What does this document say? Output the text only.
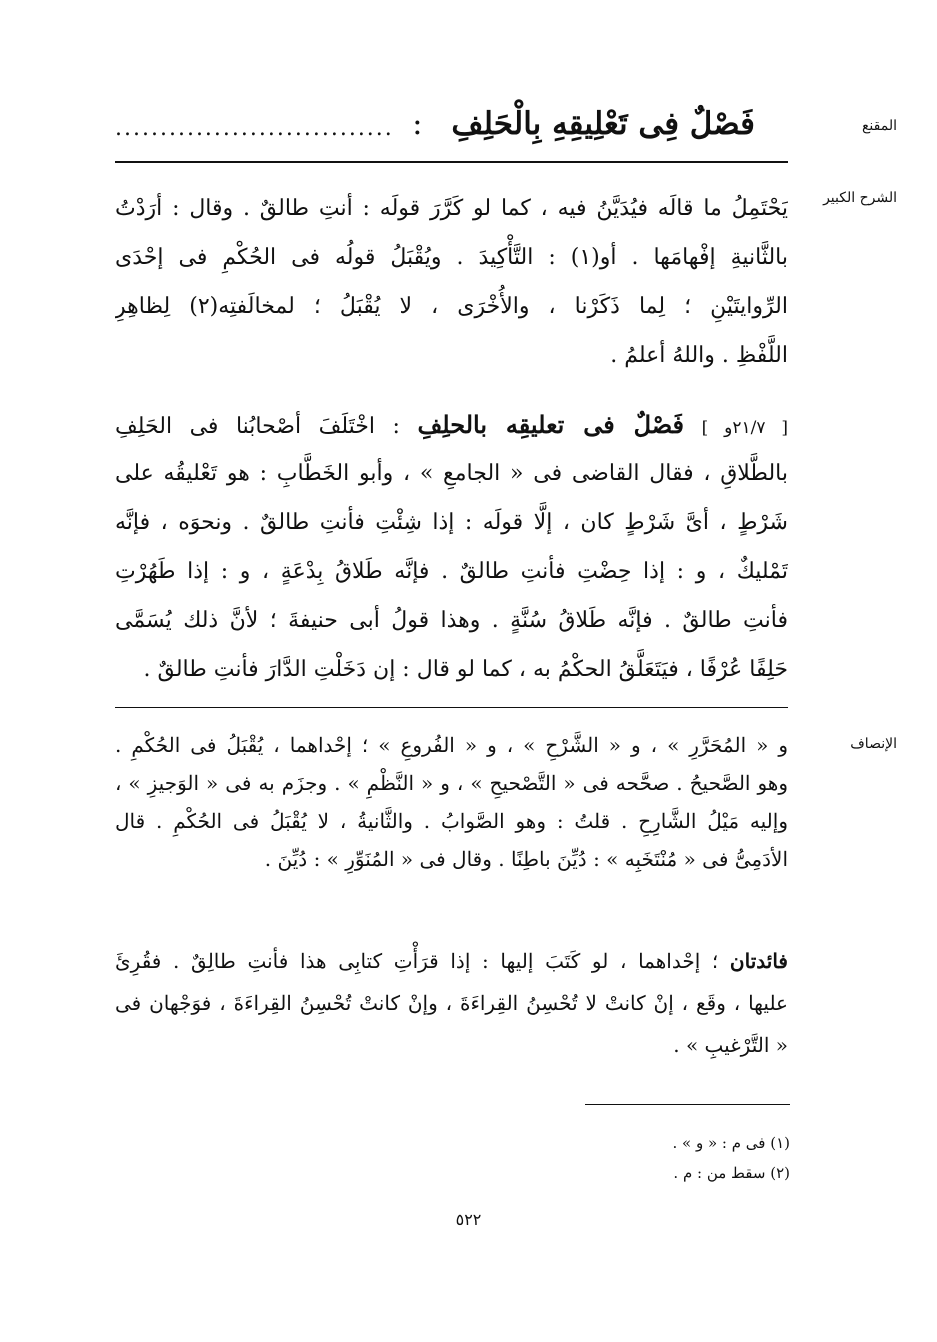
المقنع
فَصْلٌ فِى تَعْلِيقِهِ بِالْحَلِفِ :
...............................
الشرح الكبير
يَحْتَمِلُ ما قالَه فيُدَيَّنُ فيه ، كما لو كَرَّرَ قولَه : أنتِ طالقٌ . وقال : أرَدْتُ
بالثَّانيةِ إفْهامَها . أو(١) : التَّأْكِيدَ . ويُقْبَلُ قولُه فى الحُكْمِ فى إحْدَى
الرِّوايتَيْنِ ؛ لِما ذَكَرْنا ، والأُخْرَى ، لا يُقْبَلُ ؛ لمخالَفتِه(٢) لِظاهِرِ
اللَّفْظِ . واللهُ أعلمُ .
[ ٢١/٧و ] فَصْلٌ فى تعليقِه بالحلِفِ : اخْتَلَفَ أصْحابُنا فى الحَلِفِ
بالطَّلاقِ ، فقال القاضى فى « الجامعِ » ، وأبو الخَطَّابِ : هو تَعْليقُه على
شَرْطٍ ، أىَّ شَرْطٍ كان ، إلَّا قولَه : إذا شِئْتِ فأنتِ طالقٌ . ونحوَه ، فإنَّه
تَمْليكٌ ، و : إذا حِضْتِ فأنتِ طالقٌ . فإنَّه طَلاقُ بِدْعَةٍ ، و : إذا طَهُرْتِ
فأنتِ طالقٌ . فإنَّه طَلاقُ سُنَّةٍ . وهذا قولُ أبى حنيفةَ ؛ لأنَّ ذلك يُسَمَّى
حَلِفًا عُرْفًا ، فيَتَعَلَّقُ الحكْمُ به ، كما لو قال : إن دَخَلْتِ الدَّارَ فأنتِ طالقٌ .
الإنصاف
و « المُحَرَّرِ » ، و « الشَّرْحِ » ، و « الفُروعِ » ؛ إحْداهما ، يُقْبَلُ فى الحُكْمِ .
وهو الصَّحيحُ . صحَّحه فى « التَّصْحيحِ » ، و « النَّظْمِ » . وجزَم به فى « الوَجيزِ » ،
وإليه مَيْلُ الشَّارِحِ . قلتُ : وهو الصَّوابُ . والثَّانيةُ ، لا يُقْبَلُ فى الحُكْمِ . قال
الأدَمِىُّ فى « مُنْتَخَبِه » : دُيِّنَ باطِنًا . وقال فى « المُنَوِّرِ » : دُيِّنَ .
فائدتان ؛ إحْداهما ، لو كَتَبَ إليها : إذا قرَأْتِ كتابِى هذا فأنتِ طالِقٌ . فقُرِئَ
عليها ، وقَع ، إنْ كانتْ لا تُحْسِنُ القِراءَةَ ، وإنْ كانتْ تُحْسِنُ القِراءَةَ ، فوَجْهان فى
« التَّرْغيبِ » .
(١) فى م : « و » .
(٢) سقط من : م .
٥٢٢
